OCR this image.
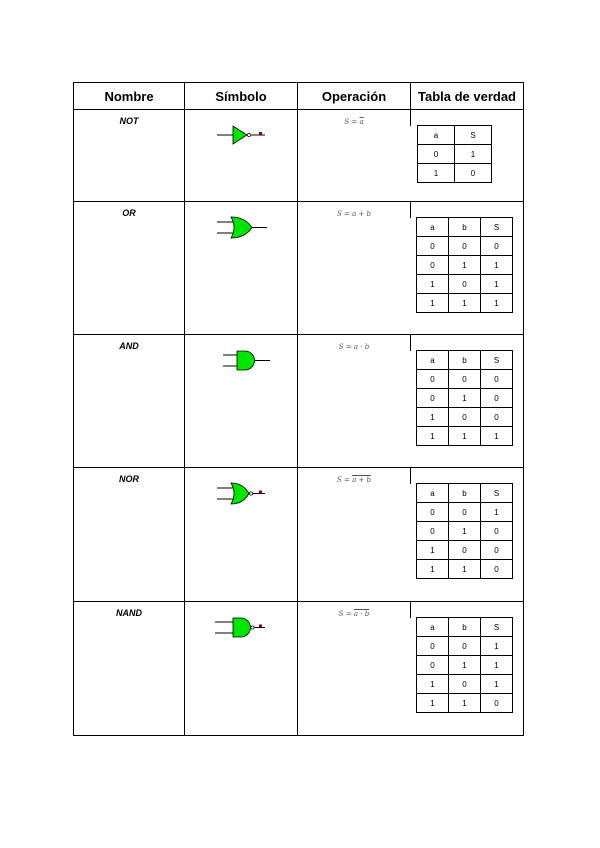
Nombre	Símbolo	Operación	Tabla de verdad
NOT	$S = \overline{a}$
a	S
0	1
1	0
OR	S = a + b
a	b	S
0	0	0
0	1	1
1	0	1
1	1	1
AND	S = a · b
a	b	S
0	0	0
0	1	0
1	0	0
1	1	1
NOR	S = a + b
a	b	S
0	0	1
0	1	0
1	0	0
1	1	0
NAND	S = a · b
a	b	S
0	0	1
0	1	1
1	0	1
1	1	0
